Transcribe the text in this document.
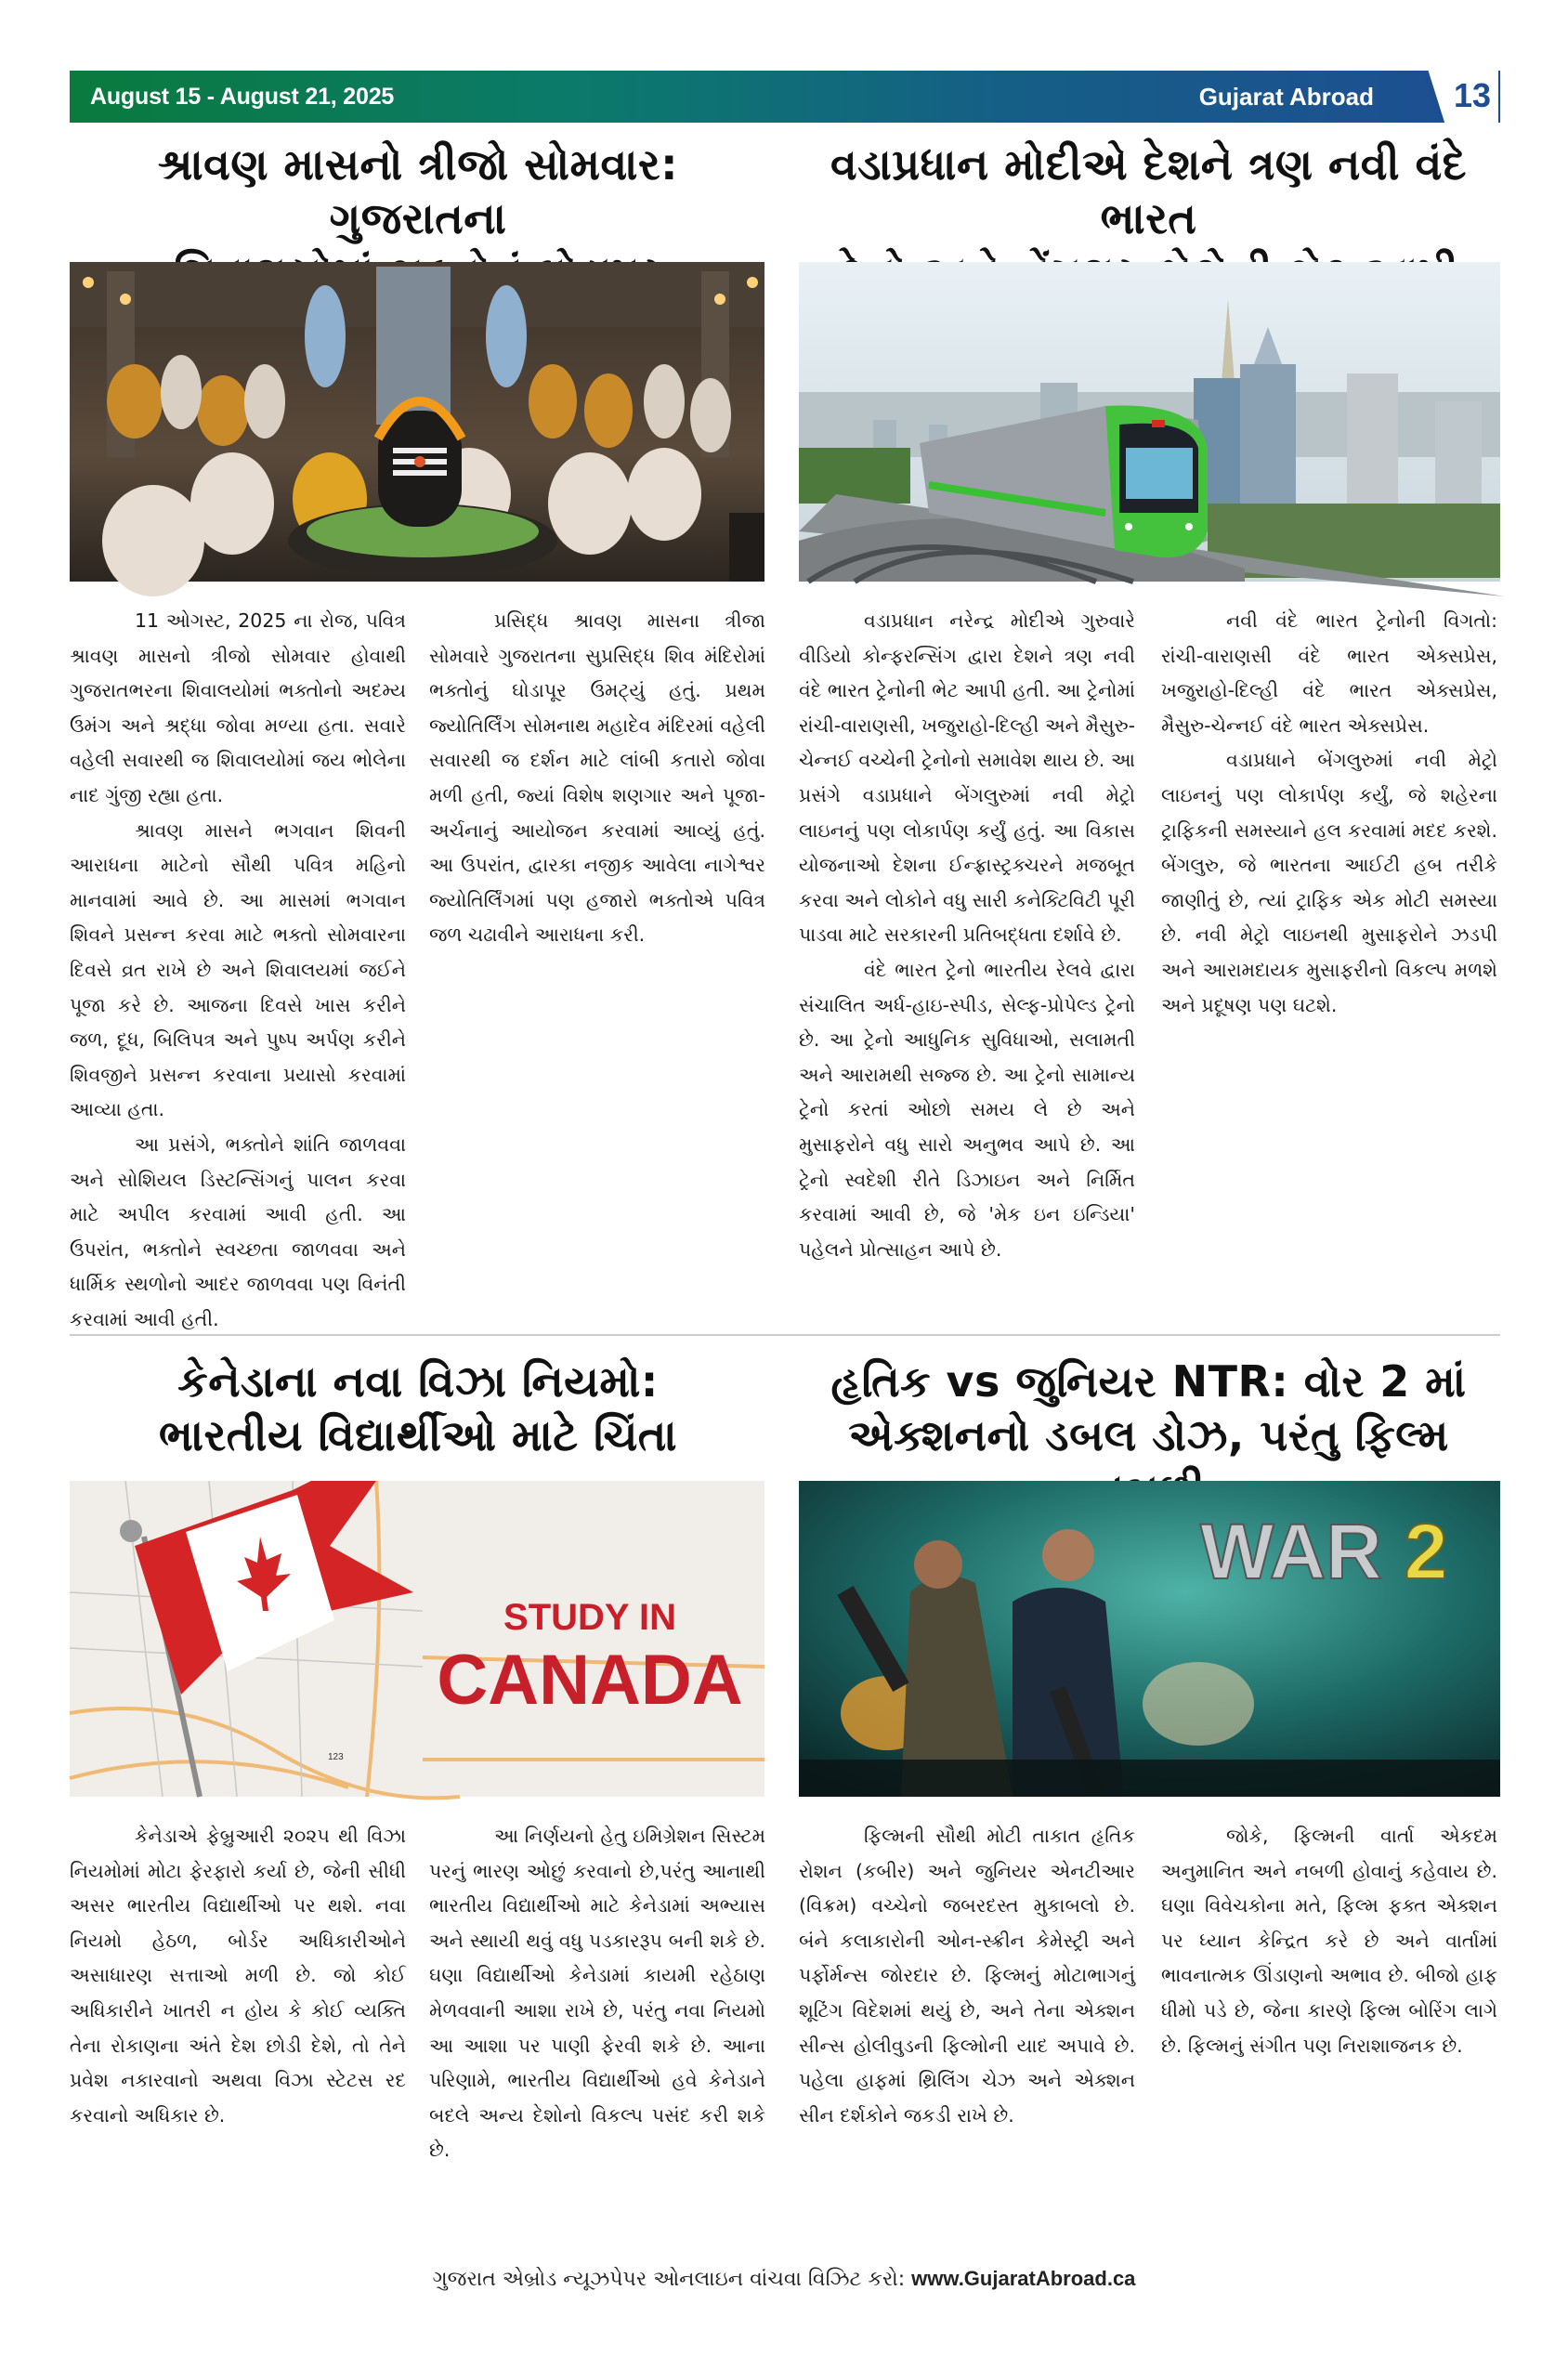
August 15 - August 21, 2025	Gujarat Abroad 13
શ્રાવણ માસનો ત્રીજો સોમવાર: ગુજરાતના

11 ઓગસ્ટ, 2025 ના રોજ, પવિત્ર શ્રાવણ માસનો ત્રીજો સોમવાર હોવાથી ગુજરાતભરના શિવાલયોમાં ભક્તોનો અદમ્ય ઉમંગ અને શ્રદ્ધા જોવા મળ્યા હતા. સવારે વહેલી સવારથી જ શિવાલયોમાં જય ભોલેના નાદ ગુંજી રહ્યા હતા.

શ્રાવણ માસને ભગવાન શિવની આરાધના માટેનો સૌથી પવિત્ર મહિનો માનવામાં આવે છે. આ માસમાં ભગવાન શિવને પ્રસન્ન કરવા માટે ભક્તો સોમવારના દિવસે વ્રત રાખે છે અને શિવાલયમાં જઈને પૂજા કરે છે. આજના દિવસે ખાસ કરીને જળ, દૂધ, બિલિપત્ર અને પુષ્પ અર્પણ કરીને શિવજીને પ્રસન્ન કરવાના પ્રયાસો કરવામાં આવ્યા હતા.

આ પ્રસંગે, ભક્તોને શાંતિ જાળવવા અને સોશિયલ ડિસ્ટન્સિંગનું પાલન કરવા માટે અપીલ કરવામાં આવી હતી. આ ઉપરાંત, ભક્તોને સ્વચ્છતા જાળવવા અને ધાર્મિક સ્થળોનો આદર જાળવવા પણ વિનંતી કરવામાં આવી હતી.

પ્રસિદ્ધ શ્રાવણ માસના ત્રીજા સોમવારે ગુજરાતના સુપ્રસિદ્ધ શિવ મંદિરોમાં ભક્તોનું ઘોડાપૂર ઉમટ્યું હતું. પ્રથમ જ્યોતિર્લિંગ સોમનાથ મહાદેવ મંદિરમાં વહેલી સવારથી જ દર્શન માટે લાંબી કતારો જોવા મળી હતી, જ્યાં વિશેષ શણગાર અને પૂજા-અર્ચનાનું આયોજન કરવામાં આવ્યું હતું. આ ઉપરાંત, દ્વારકા નજીક આવેલા નાગેશ્વર જ્યોતિર્લિંગમાં પણ હજારો ભક્તોએ પવિત્ર જળ ચઢાવીને આરાધના કરી.

વડાપ્રધાન મોદીએ દેશને ત્રણ નવી વંદે ભારત

વડાપ્રધાન નરેન્દ્ર મોદીએ ગુરુવારે વીડિયો કોન્ફરન્સિંગ દ્વારા દેશને ત્રણ નવી વંદે ભારત ટ્રેનોની ભેટ આપી હતી. આ ટ્રેનોમાં રાંચી-વારાણસી, ખજુરાહો-દિલ્હી અને મૈસુરુ-ચેન્નઈ વચ્ચેની ટ્રેનોનો સમાવેશ થાય છે. આ પ્રસંગે વડાપ્રધાને બેંગલુરુમાં નવી મેટ્રો લાઇનનું પણ લોકાર્પણ કર્યું હતું. આ વિકાસ યોજનાઓ દેશના ઈન્ફ્રાસ્ટ્રક્ચરને મજબૂત કરવા અને લોકોને વધુ સારી કનેક્ટિવિટી પૂરી પાડવા માટે સરકારની પ્રતિબદ્ધતા દર્શાવે છે.

વંદે ભારત ટ્રેનો ભારતીય રેલવે દ્વારા સંચાલિત અર્ધ-હાઇ-સ્પીડ, સેલ્ફ-પ્રોપેલ્ડ ટ્રેનો છે. આ ટ્રેનો આધુનિક સુવિધાઓ, સલામતી અને આરામથી સજ્જ છે. આ ટ્રેનો સામાન્ય ટ્રેનો કરતાં ઓછો સમય લે છે અને મુસાફરોને વધુ સારો અનુભવ આપે છે. આ ટ્રેનો સ્વદેશી રીતે ડિઝાઇન અને નિર્મિત કરવામાં આવી છે, જે 'મેક ઇન ઇન્ડિયા' પહેલને પ્રોત્સાહન આપે છે.

નવી વંદે ભારત ટ્રેનોની વિગતો: રાંચી-વારાણસી વંદે ભારત એક્સપ્રેસ, ખજુરાહો-દિલ્હી વંદે ભારત એક્સપ્રેસ, મૈસુરુ-ચેન્નઈ વંદે ભારત એક્સપ્રેસ.

વડાપ્રધાને બેંગલુરુમાં નવી મેટ્રો લાઇનનું પણ લોકાર્પણ કર્યું, જે શહેરના ટ્રાફિકની સમસ્યાને હલ કરવામાં મદદ કરશે. બેંગલુરુ, જે ભારતના આઈટી હબ તરીકે જાણીતું છે, ત્યાં ટ્રાફિક એક મોટી સમસ્યા છે. નવી મેટ્રો લાઇનથી મુસાફરોને ઝડપી અને આરામદાયક મુસાફરીનો વિકલ્પ મળશે અને પ્રદૂષણ પણ ઘટશે.

કેનેડાના નવા વિઝા નિયમો:
ભારતીય વિદ્યાર્થીઓ માટે ચિંતા
123
STUDY IN
CANADA

કેનેડાએ ફેબ્રુઆરી ૨૦૨૫ થી વિઝા નિયમોમાં મોટા ફેરફારો કર્યા છે, જેની સીધી અસર ભારતીય વિદ્યાર્થીઓ પર થશે. નવા નિયમો હેઠળ, બોર્ડર અધિકારીઓને અસાધારણ સત્તાઓ મળી છે. જો કોઈ અધિકારીને ખાતરી ન હોય કે કોઈ વ્યક્તિ તેના રોકાણના અંતે દેશ છોડી દેશે, તો તેને પ્રવેશ નકારવાનો અથવા વિઝા સ્ટેટસ રદ કરવાનો અધિકાર છે.

આ નિર્ણયનો હેતુ ઇમિગ્રેશન સિસ્ટમ પરનું ભારણ ઓછું કરવાનો છે,પરંતુ આનાથી ભારતીય વિદ્યાર્થીઓ માટે કેનેડામાં અભ્યાસ અને સ્થાયી થવું વધુ પડકારરૂપ બની શકે છે. ઘણા વિદ્યાર્થીઓ કેનેડામાં કાયમી રહેઠાણ મેળવવાની આશા રાખે છે, પરંતુ નવા નિયમો આ આશા પર પાણી ફેરવી શકે છે. આના પરિણામે, ભારતીય વિદ્યાર્થીઓ હવે કેનેડાને બદલે અન્ય દેશોનો વિકલ્પ પસંદ કરી શકે છે.

હૃતિક vs જુનિયર NTR: વોર 2 માં
એક્શનનો ડબલ ડોઝ, પરંતુ ફિલ્મ
WAR 2

ફિલ્મની સૌથી મોટી તાકાત હૃતિક રોશન (કબીર) અને જુનિયર એનટીઆર (વિક્રમ) વચ્ચેનો જબરદસ્ત મુકાબલો છે. બંને કલાકારોની ઓન-સ્ક્રીન કેમેસ્ટ્રી અને પર્ફોર્મન્સ જોરદાર છે. ફિલ્મનું મોટાભાગનું શૂટિંગ વિદેશમાં થયું છે, અને તેના એક્શન સીન્સ હોલીવુડની ફિલ્મોની યાદ અપાવે છે. પહેલા હાફમાં થ્રિલિંગ ચેઝ અને એક્શન સીન દર્શકોને જકડી રાખે છે.

જોકે, ફિલ્મની વાર્તા એકદમ અનુમાનિત અને નબળી હોવાનું કહેવાય છે. ઘણા વિવેચકોના મતે, ફિલ્મ ફક્ત એક્શન પર ધ્યાન કેન્દ્રિત કરે છે અને વાર્તામાં ભાવનાત્મક ઊંડાણનો અભાવ છે. બીજો હાફ ધીમો પડે છે, જેના કારણે ફિલ્મ બોરિંગ લાગે છે. ફિલ્મનું સંગીત પણ નિરાશાજનક છે.

ગુજરાત એબ્રોડ ન્યૂઝપેપર ઓનલાઇન વાંચવા વિઝિટ કરો: www.GujaratAbroad.ca
